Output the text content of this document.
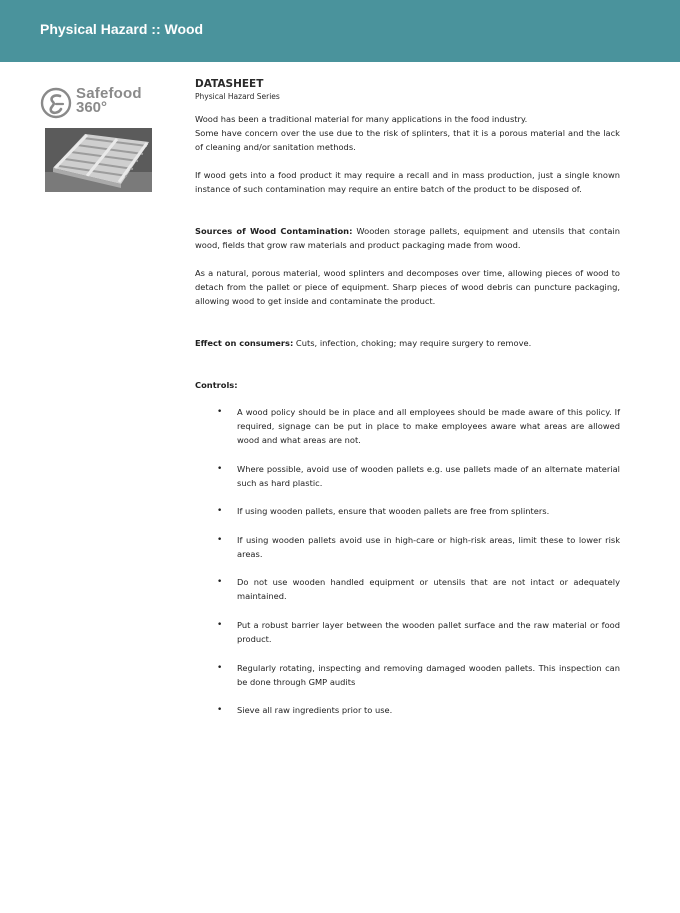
Physical Hazard :: Wood
Safefood
360°
DATASHEET
Physical Hazard Series
Wood has been a traditional material for many applications in the food industry.
Some have concern over the use due to the risk of splinters, that it is a porous material and the lack of cleaning and/or sanitation methods.
If wood gets into a food product it may require a recall and in mass production, just a single known instance of such contamination may require an entire batch of the product to be disposed of.
Sources of Wood Contamination: Wooden storage pallets, equipment and utensils that contain wood, fields that grow raw materials and product packaging made from wood.
As a natural, porous material, wood splinters and decomposes over time, allowing pieces of wood to detach from the pallet or piece of equipment. Sharp pieces of wood debris can puncture packaging, allowing wood to get inside and contaminate the product.
Effect on consumers: Cuts, infection, choking; may require surgery to remove.
Controls:
• A wood policy should be in place and all employees should be made aware of this policy. If required, signage can be put in place to make employees aware what areas are allowed wood and what areas are not.
• Where possible, avoid use of wooden pallets e.g. use pallets made of an alternate material such as hard plastic.
• If using wooden pallets, ensure that wooden pallets are free from splinters.
• If using wooden pallets avoid use in high-care or high-risk areas, limit these to lower risk areas.
• Do not use wooden handled equipment or utensils that are not intact or adequately maintained.
• Put a robust barrier layer between the wooden pallet surface and the raw material or food product.
• Regularly rotating, inspecting and removing damaged wooden pallets. This inspection can be done through GMP audits
• Sieve all raw ingredients prior to use.
